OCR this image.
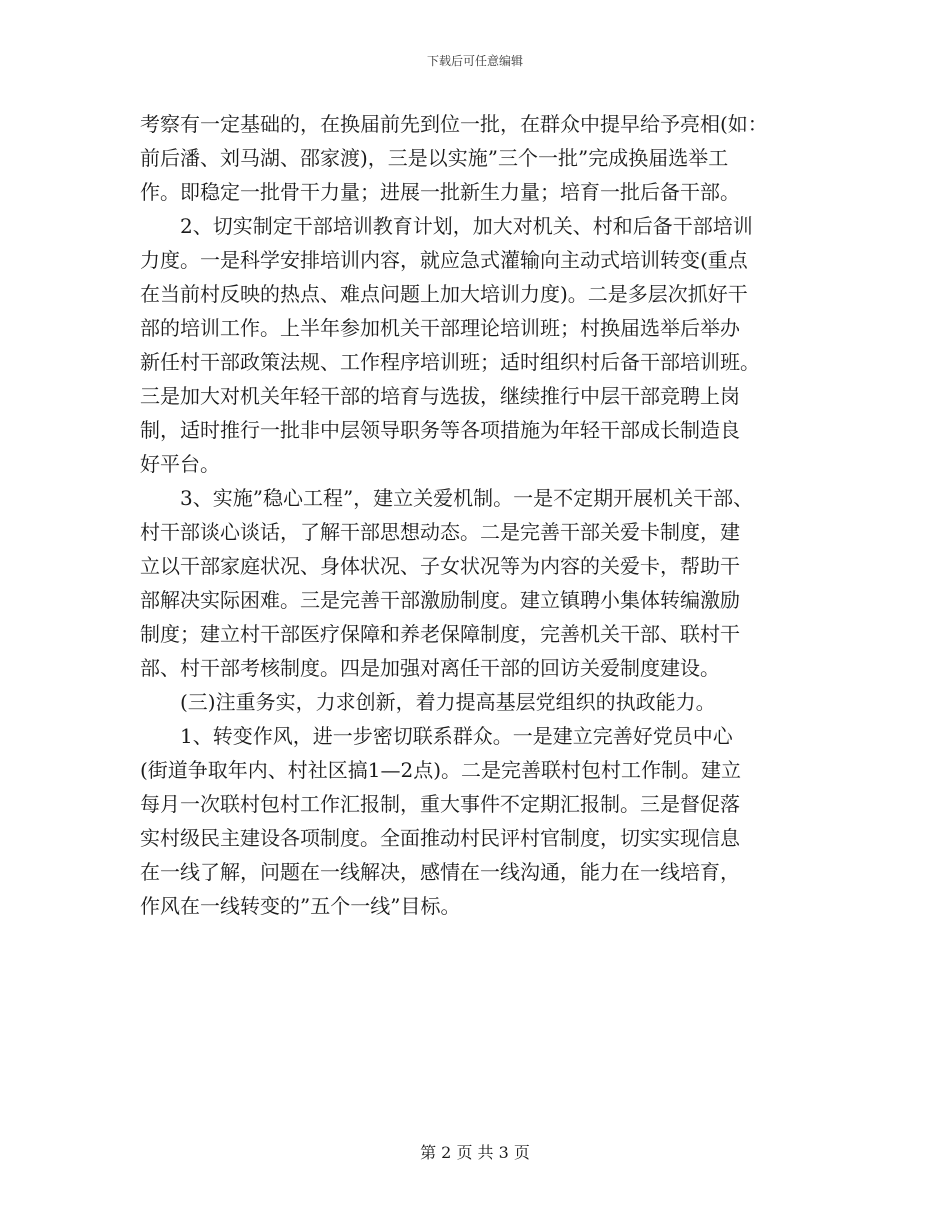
下载后可任意编辑
考察有一定基础的，在换届前先到位一批，在群众中提早给予亮相(如：
前后潘、刘马湖、邵家渡)，三是以实施”三个一批”完成换届选举工
作。即稳定一批骨干力量；进展一批新生力量；培育一批后备干部。
　　2、切实制定干部培训教育计划，加大对机关、村和后备干部培训
力度。一是科学安排培训内容，就应急式灌输向主动式培训转变(重点
在当前村反映的热点、难点问题上加大培训力度)。二是多层次抓好干
部的培训工作。上半年参加机关干部理论培训班；村换届选举后举办
新任村干部政策法规、工作程序培训班；适时组织村后备干部培训班。
三是加大对机关年轻干部的培育与选拔，继续推行中层干部竞聘上岗
制，适时推行一批非中层领导职务等各项措施为年轻干部成长制造良
好平台。
　　3、实施”稳心工程”，建立关爱机制。一是不定期开展机关干部、
村干部谈心谈话，了解干部思想动态。二是完善干部关爱卡制度，建
立以干部家庭状况、身体状况、子女状况等为内容的关爱卡，帮助干
部解决实际困难。三是完善干部激励制度。建立镇聘小集体转编激励
制度；建立村干部医疗保障和养老保障制度，完善机关干部、联村干
部、村干部考核制度。四是加强对离任干部的回访关爱制度建设。
　　(三)注重务实，力求创新，着力提高基层党组织的执政能力。
　　1、转变作风，进一步密切联系群众。一是建立完善好党员中心
(街道争取年内、村社区搞1—2点)。二是完善联村包村工作制。建立
每月一次联村包村工作汇报制，重大事件不定期汇报制。三是督促落
实村级民主建设各项制度。全面推动村民评村官制度，切实实现信息
在一线了解，问题在一线解决，感情在一线沟通，能力在一线培育，
作风在一线转变的”五个一线”目标。
第 2 页 共 3 页
